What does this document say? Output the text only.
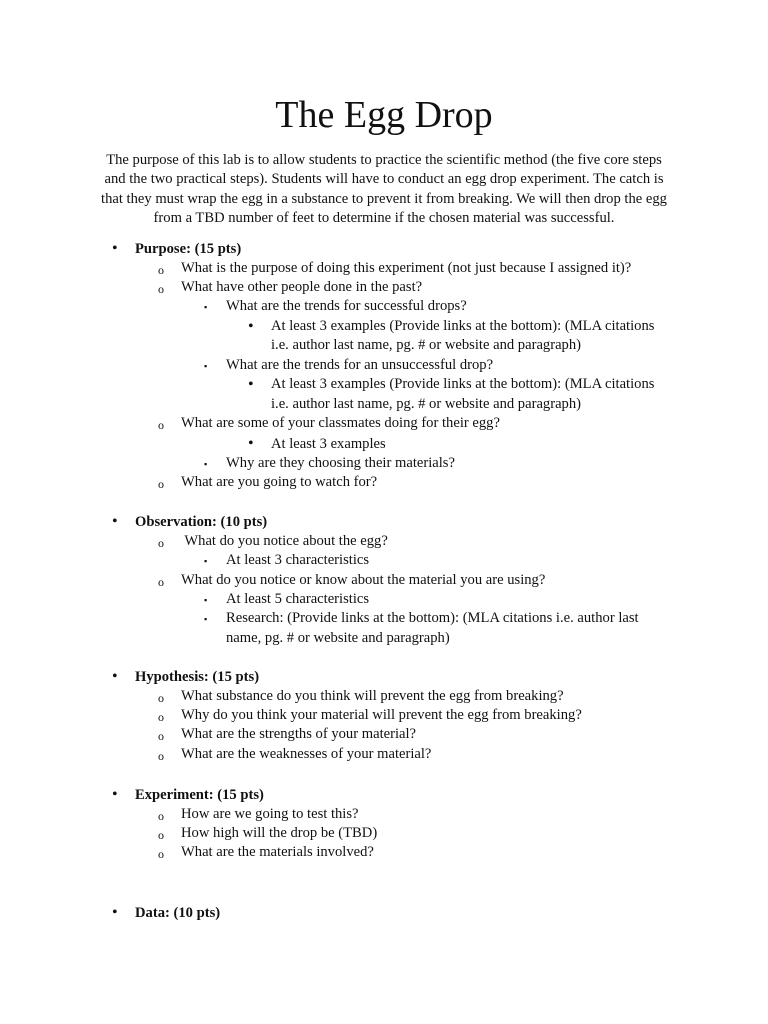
The Egg Drop

The purpose of this lab is to allow students to practice the scientific method (the five core steps
and the two practical steps). Students will have to conduct an egg drop experiment. The catch is
that they must wrap the egg in a substance to prevent it from breaking. We will then drop the egg
from a TBD number of feet to determine if the chosen material was successful.

• Purpose: (15 pts)
o What is the purpose of doing this experiment (not just because I assigned it)?
o What have other people done in the past?
▪ What are the trends for successful drops?
• At least 3 examples (Provide links at the bottom): (MLA citations
i.e. author last name, pg. # or website and paragraph)
▪ What are the trends for an unsuccessful drop?
• At least 3 examples (Provide links at the bottom): (MLA citations
i.e. author last name, pg. # or website and paragraph)
o What are some of your classmates doing for their egg?
• At least 3 examples
▪ Why are they choosing their materials?
o What are you going to watch for?
• Observation: (10 pts)
o What do you notice about the egg?
▪ At least 3 characteristics
o What do you notice or know about the material you are using?
▪ At least 5 characteristics
▪ Research: (Provide links at the bottom): (MLA citations i.e. author last
name, pg. # or website and paragraph)
• Hypothesis: (15 pts)
o What substance do you think will prevent the egg from breaking?
o Why do you think your material will prevent the egg from breaking?
o What are the strengths of your material?
o What are the weaknesses of your material?
• Experiment: (15 pts)
o How are we going to test this?
o How high will the drop be (TBD)
o What are the materials involved?
• Data: (10 pts)
